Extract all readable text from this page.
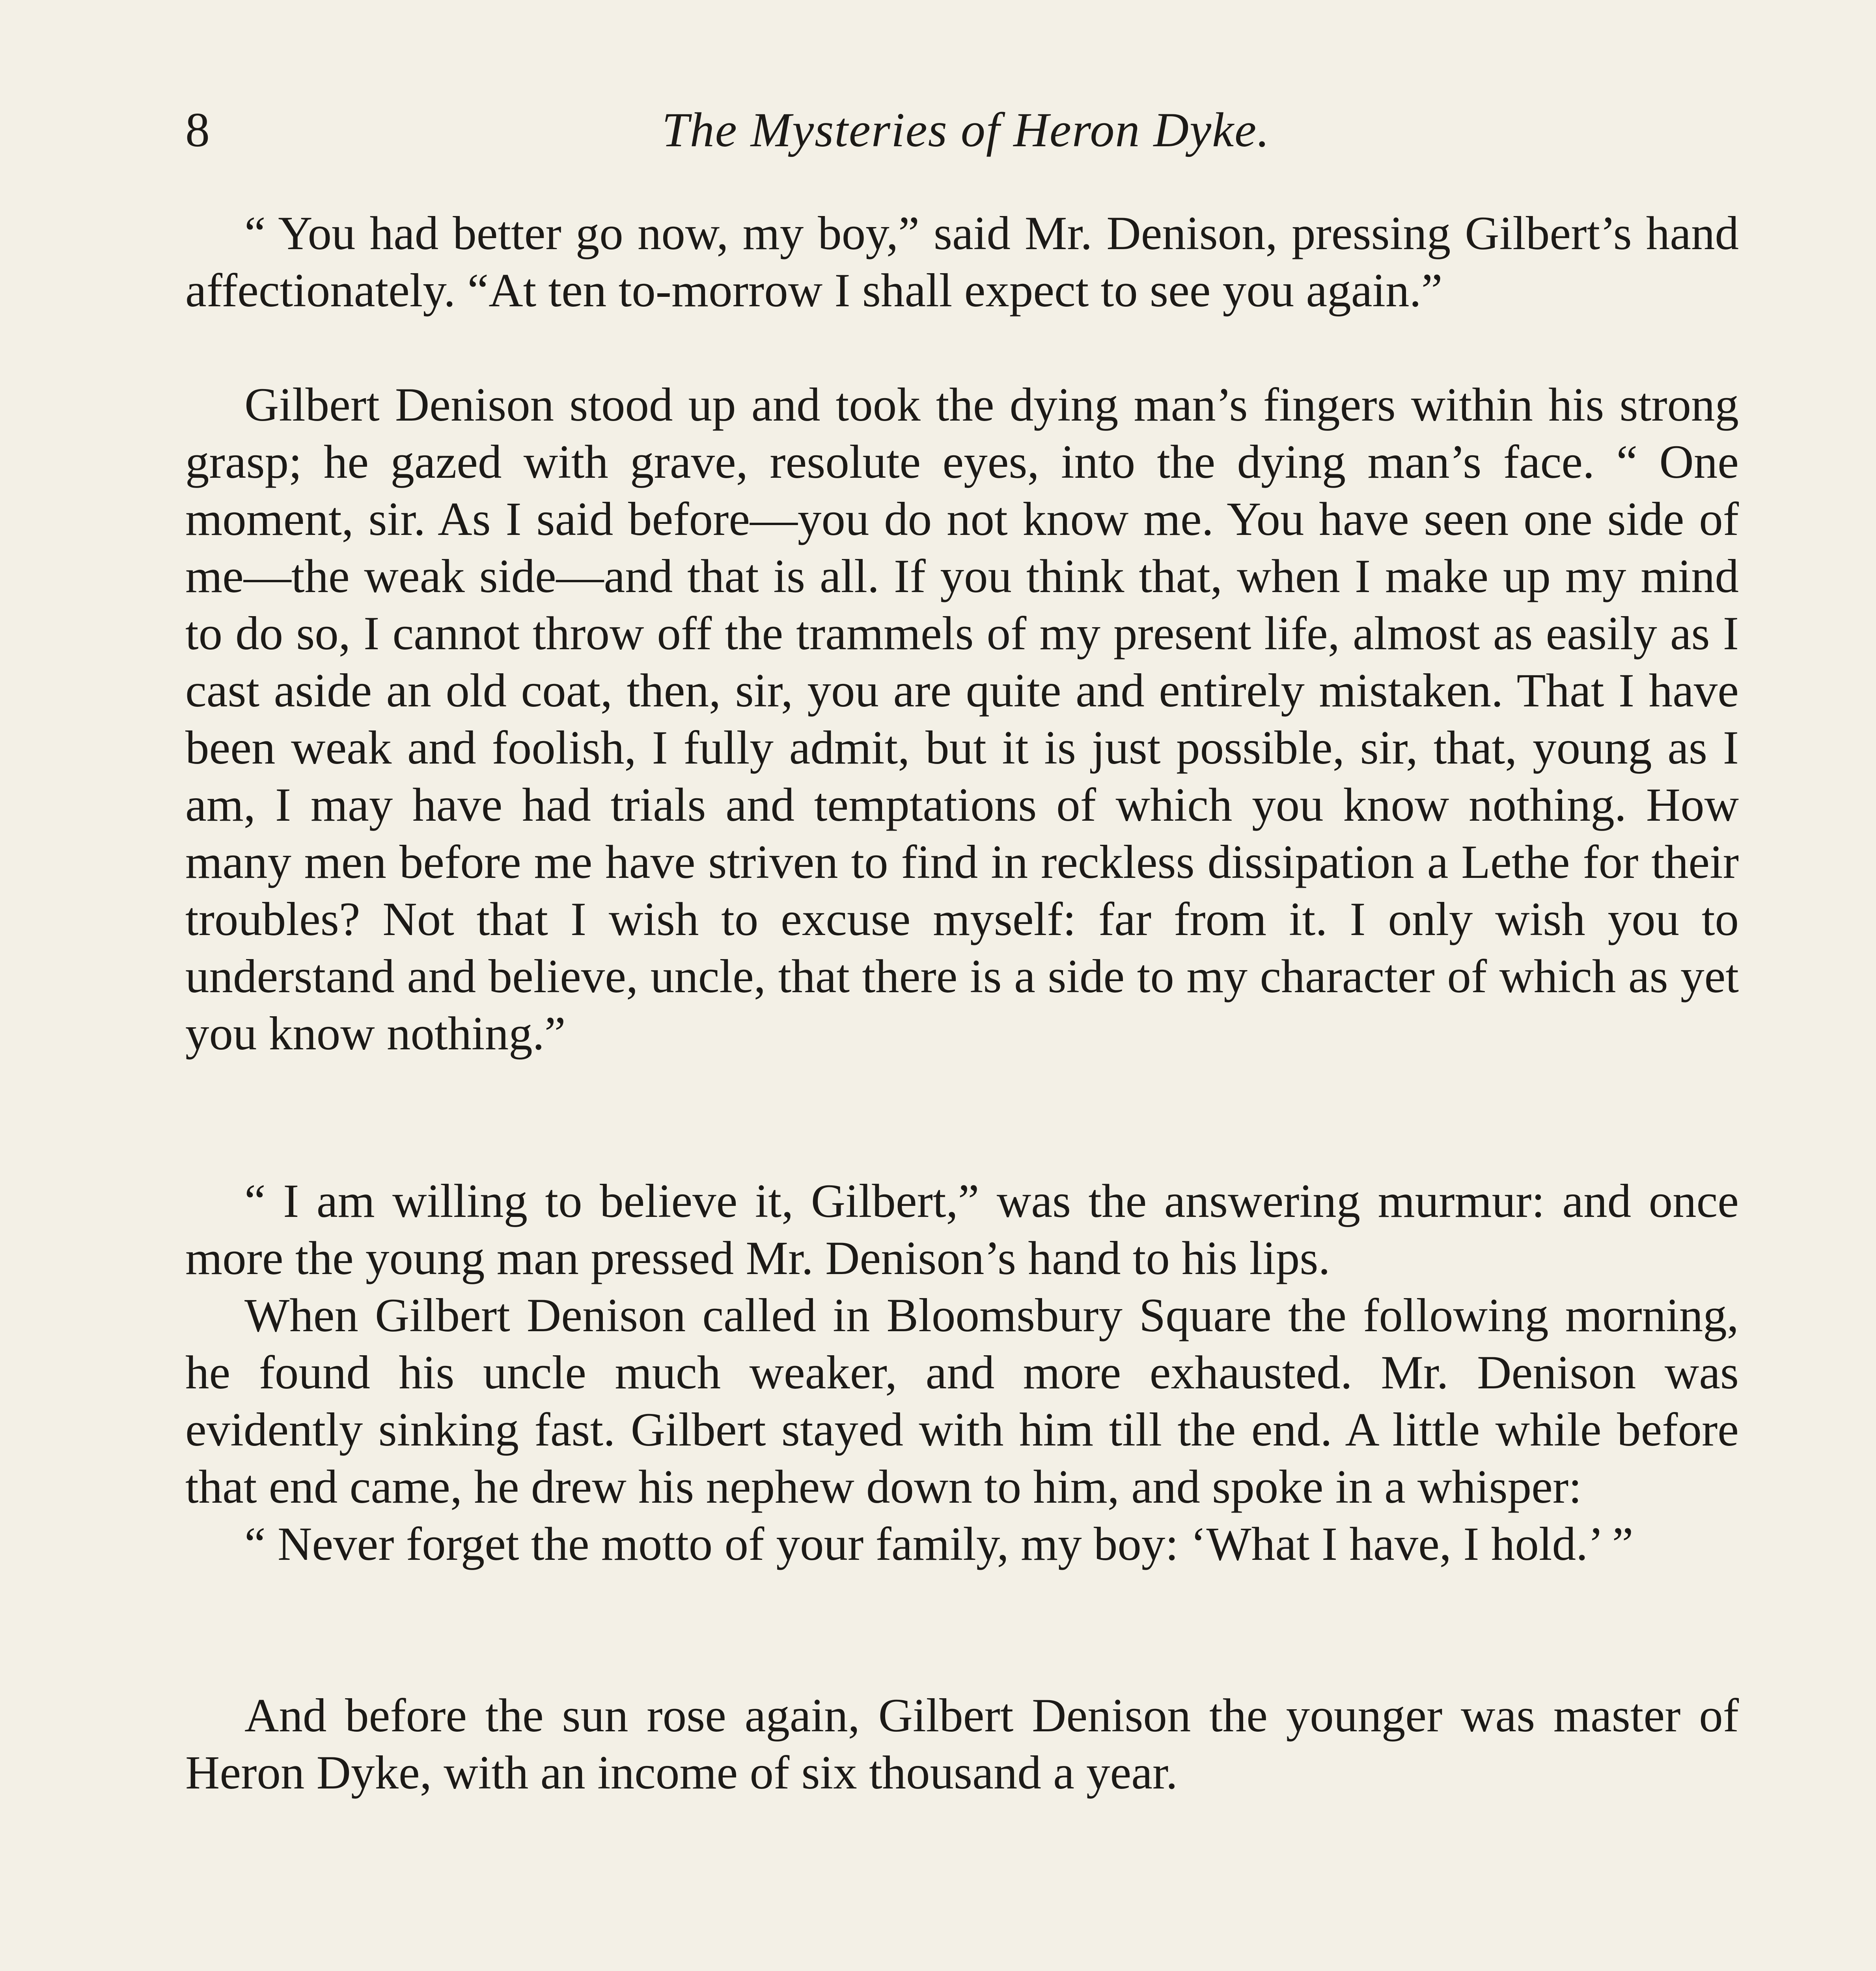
8	The Mysteries of Heron Dyke.
“ You had better go now, my boy,” said Mr. Denison, pressing Gilbert’s hand affectionately. “At ten to-morrow I shall expect to see you again.”
Gilbert Denison stood up and took the dying man’s fingers within his strong grasp; he gazed with grave, resolute eyes, into the dying man’s face. “ One moment, sir. As I said before—you do not know me. You have seen one side of me—the weak side—and that is all. If you think that, when I make up my mind to do so, I cannot throw off the trammels of my present life, almost as easily as I cast aside an old coat, then, sir, you are quite and entirely mistaken. That I have been weak and foolish, I fully admit, but it is just possible, sir, that, young as I am, I may have had trials and temptations of which you know nothing. How many men before me have striven to find in reckless dissipation a Lethe for their troubles? Not that I wish to excuse myself: far from it. I only wish you to understand and believe, uncle, that there is a side to my character of which as yet you know nothing.”
“ I am willing to believe it, Gilbert,” was the answering murmur: and once more the young man pressed Mr. Denison’s hand to his lips.
When Gilbert Denison called in Bloomsbury Square the following morning, he found his uncle much weaker, and more exhausted. Mr. Denison was evidently sinking fast. Gilbert stayed with him till the end. A little while before that end came, he drew his nephew down to him, and spoke in a whisper:
“ Never forget the motto of your family, my boy: ‘What I have, I hold.’ ”
And before the sun rose again, Gilbert Denison the younger was master of Heron Dyke, with an income of six thousand a year.
